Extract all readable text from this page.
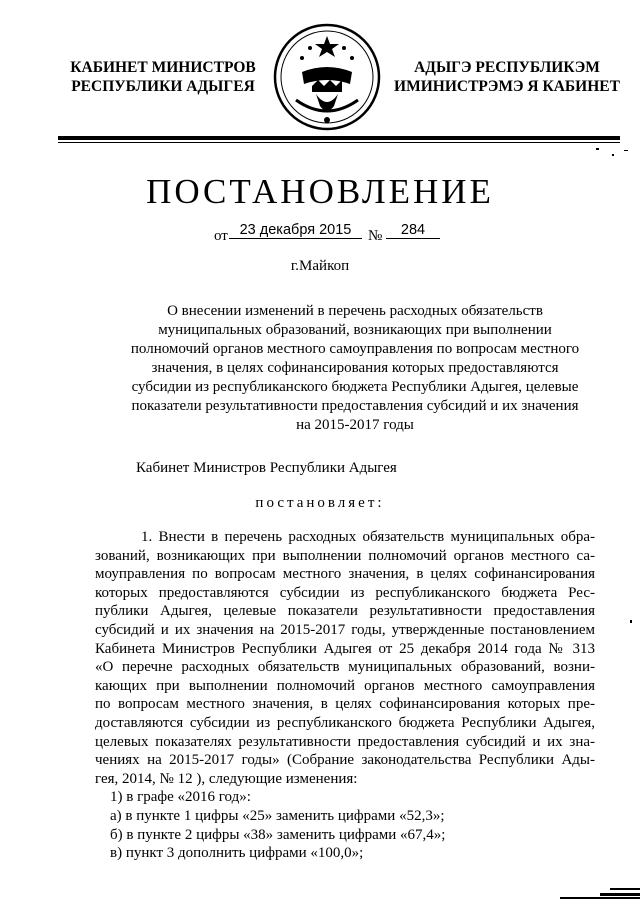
КАБИНЕТ МИНИСТРОВ
РЕСПУБЛИКИ АДЫГЕЯ
АДЫГЭ РЕСПУБЛИКЭМ
ИМИНИСТРЭМЭ Я КАБИНЕТ
ПОСТАНОВЛЕНИЕ
от 23 декабря 2015	№	284
г.Майкоп
О внесении изменений в перечень расходных обязательств
муниципальных образований, возникающих при выполнении
полномочий органов местного самоуправления по вопросам местного
значения, в целях софинансирования которых предоставляются
субсидии из республиканского бюджета Республики Адыгея, целевые
показатели результативности предоставления субсидий и их значения
на 2015-2017 годы
Кабинет Министров Республики Адыгея
постановляет:
1. Внести в перечень расходных обязательств муниципальных обра-
зований, возникающих при выполнении полномочий органов местного са-
моуправления по вопросам местного значения, в целях софинансирования
которых предоставляются субсидии из республиканского бюджета Рес-
публики Адыгея, целевые показатели результативности предоставления
субсидий и их значения на 2015-2017 годы, утвержденные постановлением
Кабинета Министров Республики Адыгея от 25 декабря 2014 года № 313
«О перечне расходных обязательств муниципальных образований, возни-
кающих при выполнении полномочий органов местного самоуправления
по вопросам местного значения, в целях софинансирования которых пре-
доставляются субсидии из республиканского бюджета Республики Адыгея,
целевых показателях результативности предоставления субсидий и их зна-
чениях на 2015-2017 годы» (Собрание законодательства Республики Ады-
гея, 2014, № 12 ), следующие изменения:
1) в графе «2016 год»:
а) в пункте 1 цифры «25» заменить цифрами «52,3»;
б) в пункте 2 цифры «38» заменить цифрами «67,4»;
в) пункт 3 дополнить цифрами «100,0»;
